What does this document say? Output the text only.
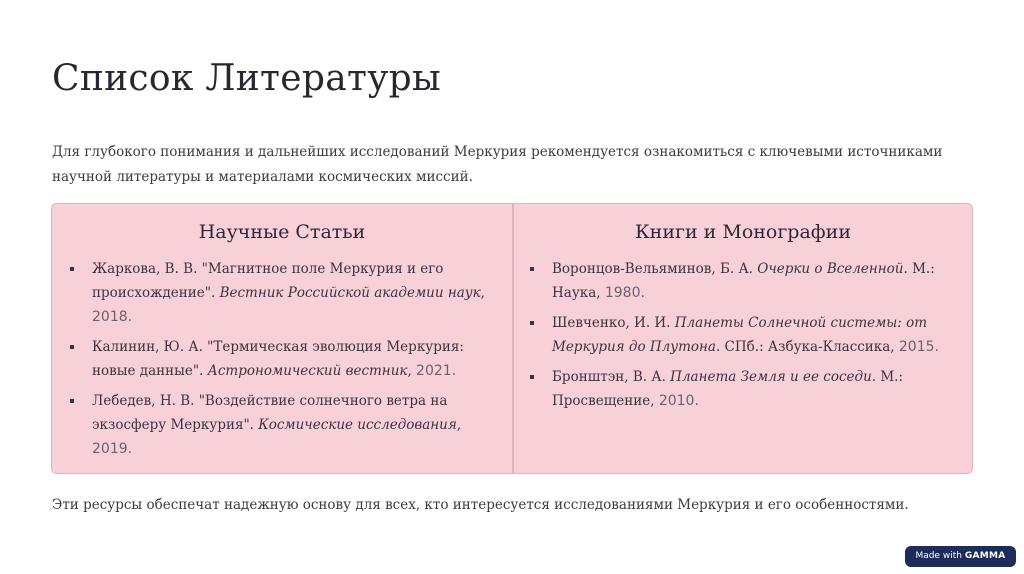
Список Литературы
Для глубокого понимания и дальнейших исследований Меркурия рекомендуется ознакомиться с ключевыми источниками научной литературы и материалами космических миссий.
Научные Статьи
Жаркова, В. В. "Магнитное поле Меркурия и его происхождение". Вестник Российской академии наук, 2018.
Калинин, Ю. А. "Термическая эволюция Меркурия: новые данные". Астрономический вестник, 2021.
Лебедев, Н. В. "Воздействие солнечного ветра на экзосферу Меркурия". Космические исследования, 2019.
Книги и Монографии
Воронцов-Вельяминов, Б. А. Очерки о Вселенной. М.: Наука, 1980.
Шевченко, И. И. Планеты Солнечной системы: от Меркурия до Плутона. СПб.: Азбука-Классика, 2015.
Бронштэн, В. А. Планета Земля и ее соседи. М.: Просвещение, 2010.
Эти ресурсы обеспечат надежную основу для всех, кто интересуется исследованиями Меркурия и его особенностями.
Made with GAMMA
